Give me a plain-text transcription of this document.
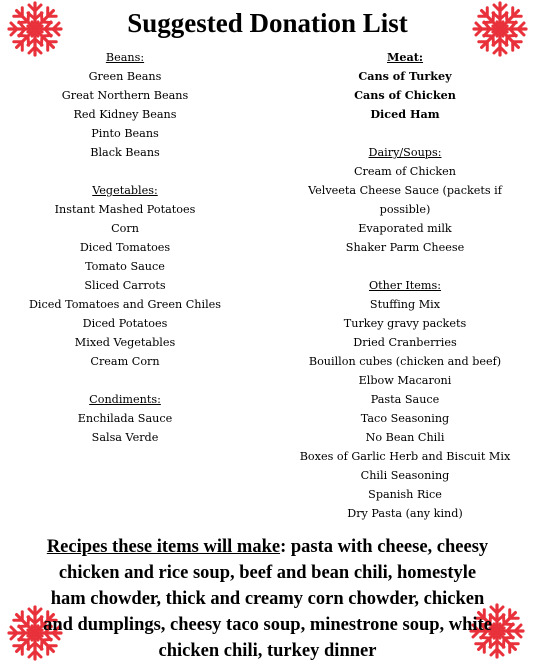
Suggested Donation List
Beans:
Green Beans
Great Northern Beans
Red Kidney Beans
Pinto Beans
Black Beans
Vegetables:
Instant Mashed Potatoes
Corn
Diced Tomatoes
Tomato Sauce
Sliced Carrots
Diced Tomatoes and Green Chiles
Diced Potatoes
Mixed Vegetables
Cream Corn
Condiments:
Enchilada Sauce
Salsa Verde
Meat:
Cans of Turkey
Cans of Chicken
Diced Ham
Dairy/Soups:
Cream of Chicken
Velveeta Cheese Sauce (packets if
possible)
Evaporated milk
Shaker Parm Cheese
Other Items:
Stuffing Mix
Turkey gravy packets
Dried Cranberries
Bouillon cubes (chicken and beef)
Elbow Macaroni
Pasta Sauce
Taco Seasoning
No Bean Chili
Boxes of Garlic Herb and Biscuit Mix
Chili Seasoning
Spanish Rice
Dry Pasta (any kind)
Recipes these items will make: pasta with cheese, cheesy chicken and rice soup, beef and bean chili, homestyle ham chowder, thick and creamy corn chowder, chicken and dumplings, cheesy taco soup, minestrone soup, white chicken chili, turkey dinner
